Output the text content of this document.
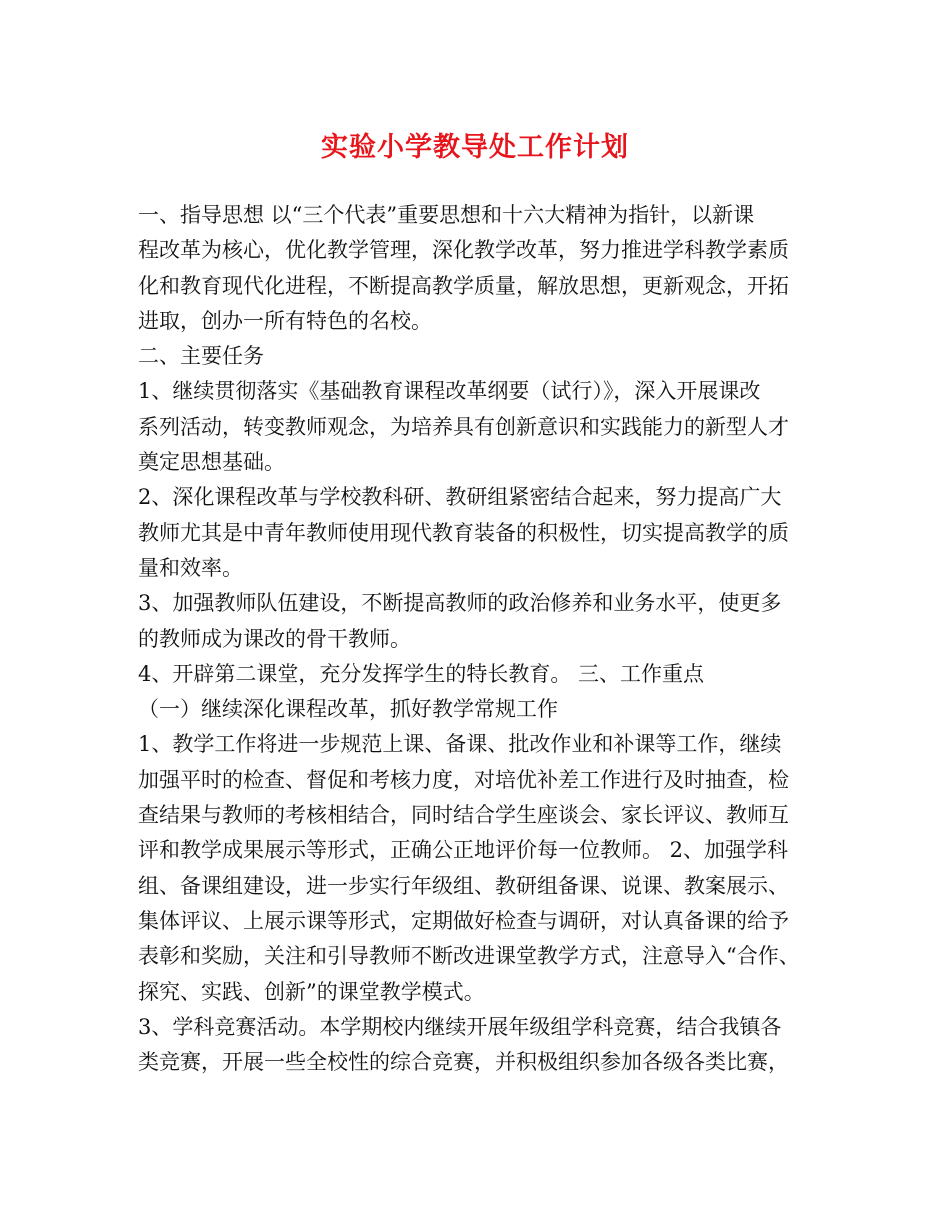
实验小学教导处工作计划
一、指导思想 以“三个代表”重要思想和十六大精神为指针，以新课
程改革为核心，优化教学管理，深化教学改革，努力推进学科教学素质
化和教育现代化进程，不断提高教学质量，解放思想，更新观念，开拓
进取，创办一所有特色的名校。
二、主要任务
1、继续贯彻落实《基础教育课程改革纲要（试行）》，深入开展课改
系列活动，转变教师观念，为培养具有创新意识和实践能力的新型人才
奠定思想基础。
2、深化课程改革与学校教科研、教研组紧密结合起来，努力提高广大
教师尤其是中青年教师使用现代教育装备的积极性，切实提高教学的质
量和效率。
3、加强教师队伍建设，不断提高教师的政治修养和业务水平，使更多
的教师成为课改的骨干教师。
4、开辟第二课堂，充分发挥学生的特长教育。 三、工作重点
（一）继续深化课程改革，抓好教学常规工作
1、教学工作将进一步规范上课、备课、批改作业和补课等工作，继续
加强平时的检查、督促和考核力度，对培优补差工作进行及时抽查，检
查结果与教师的考核相结合，同时结合学生座谈会、家长评议、教师互
评和教学成果展示等形式，正确公正地评价每一位教师。 2、加强学科
组、备课组建设，进一步实行年级组、教研组备课、说课、教案展示、
集体评议、上展示课等形式，定期做好检查与调研，对认真备课的给予
表彰和奖励，关注和引导教师不断改进课堂教学方式，注意导入“合作、
探究、实践、创新”的课堂教学模式。
3、学科竞赛活动。本学期校内继续开展年级组学科竞赛，结合我镇各
类竞赛，开展一些全校性的综合竞赛，并积极组织参加各级各类比赛，
